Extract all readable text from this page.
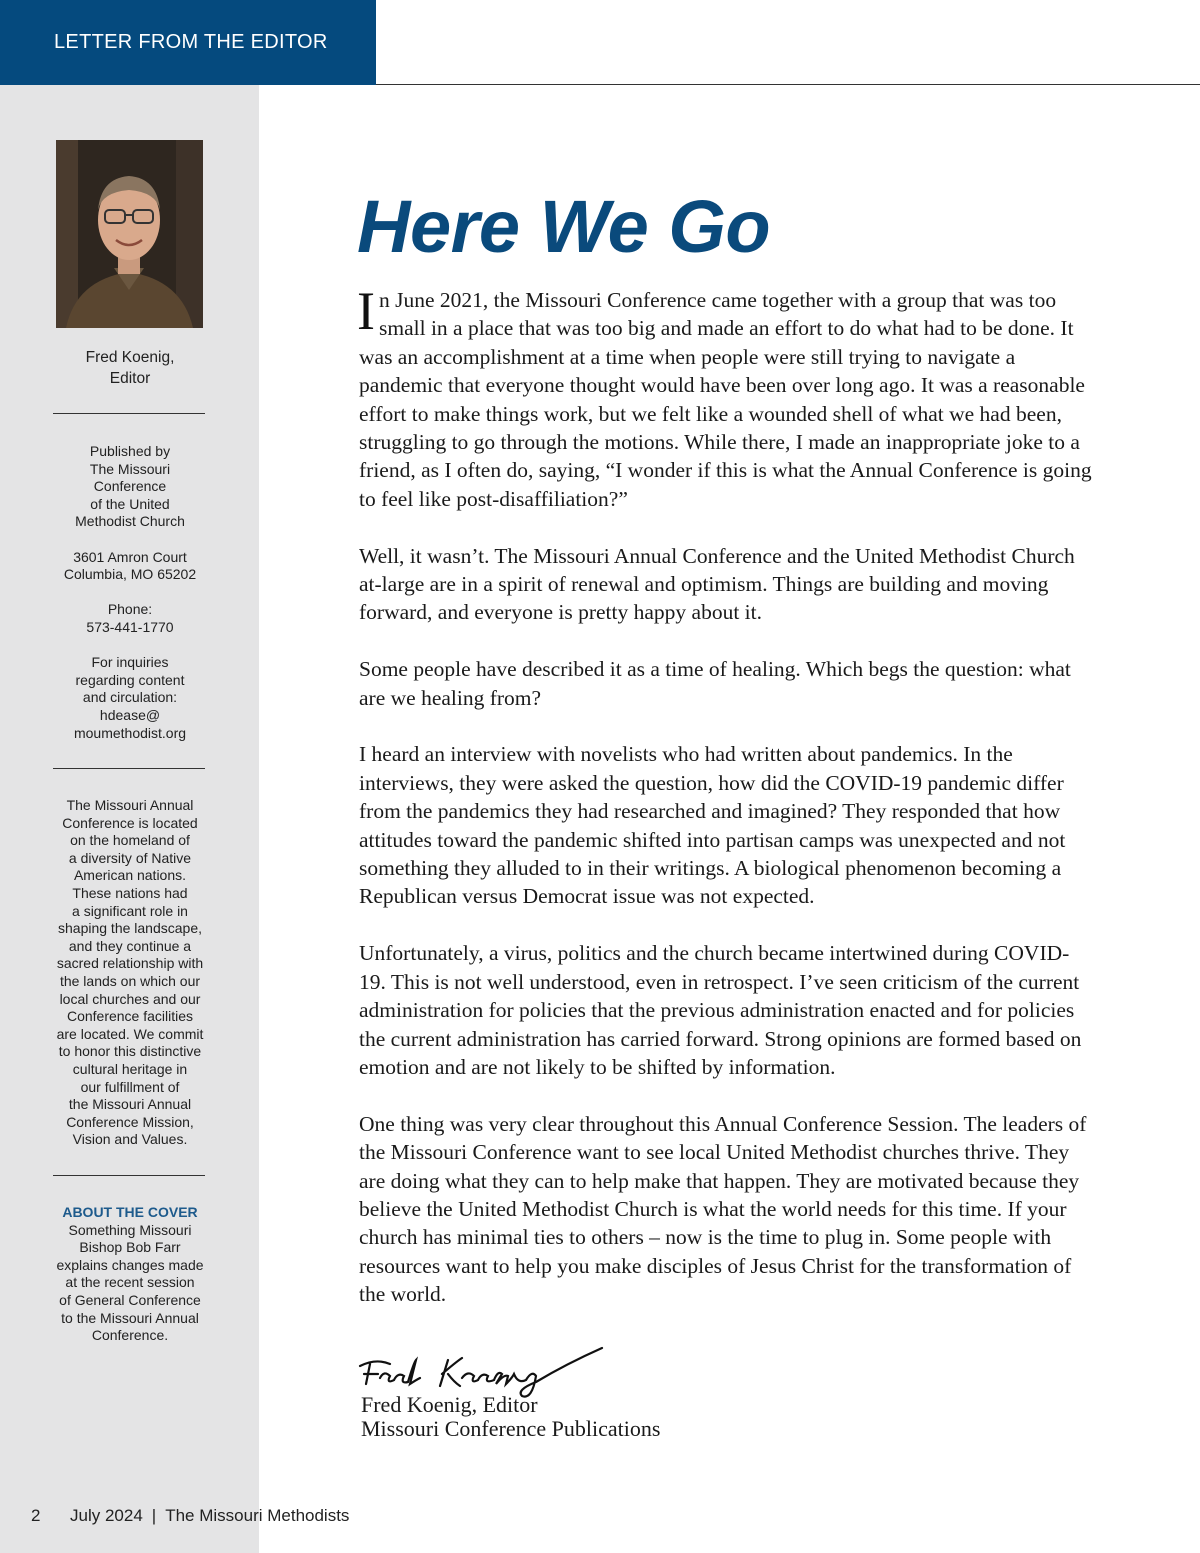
LETTER FROM THE EDITOR
Fred Koenig,
Editor
Published by
The Missouri
Conference
of the United
Methodist Church
3601 Amron Court
Columbia, MO 65202
Phone:
573-441-1770
For inquiries
regarding content
and circulation:
hdease@
moumethodist.org
The Missouri Annual
Conference is located
on the homeland of
a diversity of Native
American nations.
These nations had
a significant role in
shaping the landscape,
and they continue a
sacred relationship with
the lands on which our
local churches and our
Conference facilities
are located. We commit
to honor this distinctive
cultural heritage in
our fulfillment of
the Missouri Annual
Conference Mission,
Vision and Values.
ABOUT THE COVER
Something Missouri
Bishop Bob Farr
explains changes made
at the recent session
of General Conference
to the Missouri Annual
Conference.
Here We Go

In June 2021, the Missouri Conference came together with a group that was too small in a place that was too big and made an effort to do what had to be done. It was an accomplishment at a time when people were still trying to navigate a pandemic that everyone thought would have been over long ago. It was a reasonable effort to make things work, but we felt like a wounded shell of what we had been, struggling to go through the motions. While there, I made an inappropriate joke to a friend, as I often do, saying, “I wonder if this is what the Annual Conference is going to feel like post-disaffiliation?”

Well, it wasn’t. The Missouri Annual Conference and the United Methodist Church at-large are in a spirit of renewal and optimism. Things are building and moving forward, and everyone is pretty happy about it.

Some people have described it as a time of healing. Which begs the question: what are we healing from?

I heard an interview with novelists who had written about pandemics. In the interviews, they were asked the question, how did the COVID-19 pandemic differ from the pandemics they had researched and imagined? They responded that how attitudes toward the pandemic shifted into partisan camps was unexpected and not something they alluded to in their writings. A biological phenomenon becoming a Republican versus Democrat issue was not expected.

Unfortunately, a virus, politics and the church became intertwined during COVID-19. This is not well understood, even in retrospect. I’ve seen criticism of the current administration for policies that the previous administration enacted and for policies the current administration has carried forward. Strong opinions are formed based on emotion and are not likely to be shifted by information.

One thing was very clear throughout this Annual Conference Session. The leaders of the Missouri Conference want to see local United Methodist churches thrive. They are doing what they can to help make that happen. They are motivated because they believe the United Methodist Church is what the world needs for this time. If your church has minimal ties to others – now is the time to plug in. Some people with resources want to help you make disciples of Jesus Christ for the transformation of the world.

Fred Koenig, Editor
Missouri Conference Publications
2	July 2024 | The Missouri Methodists
